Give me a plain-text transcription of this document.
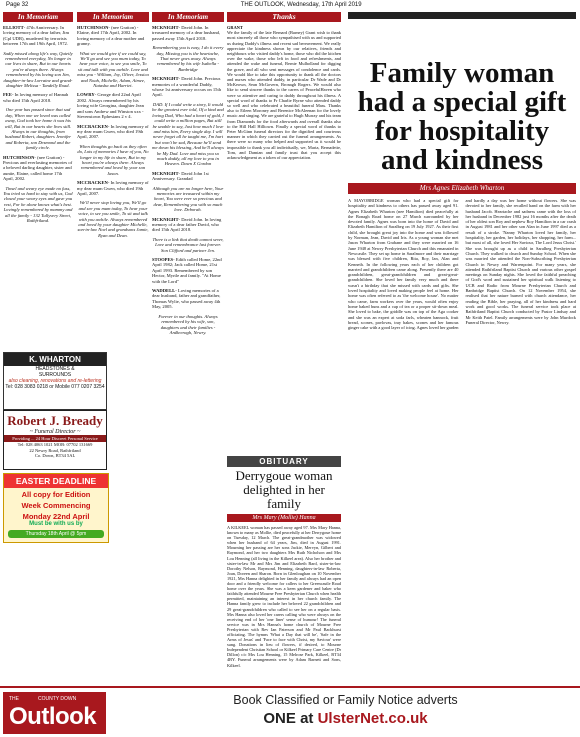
Page 32	THE OUTLOOK, Wednesday, 17th April 2019
In Memoriam
ELLIOTT- 47th Anniversary. In loving memory of a dear father, Jim (Cpl UDR), murdered by terrorists between 17th and 19th April, 1972.

Sadly missed along life's way, Quietly remembered everyday, No longer in our lives to share, But in our hearts you're always there. Always remembered by his loving son Jim, daughter-in-law Lorraine and grand-daughter Melissa - Tandelly Road.

FEE- In loving memory of Hannah who died 15th April 2018.

One year has passed since that sad day, When one we loved was called away, God took her home it was his will, But in our hearts she lives still. Always in our thoughts, from husband Robert, daughters Jennifer and Roberta, son Desmond and the family circle.

HUTCHINSON- (nee Gratton) - Precious and everlasting memories of a beloved darling daughter, sister and auntie, Elaine, called home 17th April, 2002.

Tinsel and weary eye made no fuss, You tried so hard to stay with us, God closed your weary eyes and gave you rest, For he alone knows what's best. Lovingly remembered by mammy and all the family - 132 Tullyvery Street, Rathfriland.

In Memoriam
HUTCHINSON- (nee Gratton) - Elaine, died 17th April, 2002. In loving memory of a dear mother and granny.

What we would give if we could say, We'll go and see you mum today, To hear your voice, to see you smile, To sit and talk with you awhile. Love and miss you - William, Joy, Oliver, Jessica and Noah, Michelle, Adam, Aimee, Natasha and Harriet.

LOWRY- George died 22nd April 2002. Always remembered by his loving wife Georgina, daughter Jean and sons Andrew and Winston xxx - Stevenstown Ephesians 2 v 4.
MCCRACKEN- In loving memory of my dear mum Gwen, who died 19th April, 2007.

When thoughts go back as they often do, Lots of memories I have of you, No longer in my life to share, But in my heart you're always there. Always remembered and loved by your son Jason.

MCCRACKEN- In loving memory of my dear mum Gwen, who died 19th April, 2007.

We'll never stop loving you, We'll go and see you mum today, To hear your voice, to see you smile, To sit and talk with you awhile. Always remembered and loved by your daughter Michelle, son-in-law Noel and grandsons Jamie, Ryan and Dean.

In Memoriam
MCKNIGHT- David John. In treasured memory of a dear husband, passed away 15th April 2018.

Remembering you is easy, I do it every day, Missing you is the heartache, That never goes away. Always remembered by his wife Isabella - Banbridge

MCKNIGHT- David John. Precious memories of a wonderful Daddy, whose 1st anniversary occurs on 15th April.

DAD. If I could write a story, It would be the greatest ever told, Of a kind and loving Dad, Who had a heart of gold, I could write a million pages, But still be unable to say, Just how much I love and miss him, Every single day. I will never forget all he taught me, I'm hurt but won't be sad, Because he'll send me down his blessing, And he'll always be My Dad. Love and miss you so much daddy, all my love to you in Heaven. Dawn X Gordon

MCKNIGHT- David John 1st Anniversary. Grandad

Although you are no longer here, Your memories are treasured within my heart, You were ever so precious and dear, Remembering you with so much love. Deborah.

MCKNIGHT- David John. In loving memory of a dear father David, who died 15th April 2018.

There is a link that death cannot sever, Love and remembrance last forever. Son Clifford and partner Jen.

STOOPES- Edith called Home, 22nd April 1982; Jack called Home, 21st April 1993. Remembered by son Hector, Myrtle and family. "At Home with the Lord"
WADDELL- Loving memories of a dear husband, father and grandfather, Thomas Wylie, who passed away 4th May, 2005.

Forever in our thoughts. Always remembered by his wife, son, daughters and their families - Ardkeeragh, Newry.

K. WHARTON
HEADSTONES &
SURROUNDS
also cleaning, renovations and re-lettering
Tel: 028 3083 0218 or Mobile 077 0207 3254
Robert J. Bready
~ Funeral Director ~
Providing ... 24 Hour Discreet Personal Service
Tel: 028 4063 1021 MOB: 07702 131669
22 Newry Road, Rathfriland
Co. Down, BT34 5AL
EASTER DEADLINE
All copy for Edition
Week Commencing
Monday 22nd April
Must be with us by
Thursday 18th April @ 5pm
Thanks
GRANT
We the family of the late Bernard (Barney) Grant wish to thank most sincerely all those who sympathised with us and supported us during Daddy's illness and recent sad bereavement. We really appreciate the kindness shown by our relatives, friends and neighbours who visited daddy's home, those who did the kitchen over the wake, those who left in food and refreshments, and attended the wake and funeral, Bernie Mulholland for digging the grave, and all who sent messages of condolence and cards. We would like to take this opportunity to thank all the doctors and nurses who attended daddy, in particular Dr Wade and Dr McKeown, Sean McGovern, Bronagh Rogers. We would also like to send sincere thanks to the carers of PeacefulHaven who were so attentive and caring to daddy throughout his illness. A special word of thanks to Fr Charlie Byrne who attended daddy so well and who celebrated a beautiful funeral Mass. Thanks also to Eileen Moroney and Berenice McAleenan for the lovely music and singing. We are grateful to Hugh Murray and his team from Diamonds for the food afterwards and overall thanks also to the Hill Hall Hilltown. Finally a special word of thanks to Peter McGinn funeral directors for the dignified and courteous manner in which they carried out the funeral arrangements. As there were so many who helped and supported us it would be impossible to thank you all individually, we, Maria, Bernadette, Tom, and Damian and family trust that you accept this acknowledgment as a token of our appreciation.
OBITUARY
Derrygoue woman delighted in her family
Mrs Mary (Mollie) Hanna
A KILKEEL woman has passed away aged 97. Mrs Mary Hanna, known to many as Mollie, died peacefully at her Derrygoue home on Tuesday, 12 March. The great-grandmother was widowed when her husband of 64 years, Jim, died in August 1991. Mourning her passing are her sons Jackie, Mervyn, Gilbert and Raymond, and her two daughters Mrs Ruth Nicholson and Mrs Lou Henning (all living in the Kilkeel area). Also her brother and sister-in-law Mr and Mrs Jim and Elizabeth Bard, sister-in-law Dorothy Nelson, Raymond, Henning, daughters-in-law Roberta, Joan, Doreen and Sharon. Born in Glenloughan on 10 November 1921, Mrs Hanna delighted in her family and always had an open door and a friendly welcome for callers to her Greencastle Road home over the years. She was a keen gardener and baker who faithfully attended Mourne Free Presbyterian Church when health permitted, maintaining an interest in her church family. The Hanna family grew to include her beloved 22 grandchildren and 29 great-grandchildren who called to see her on a regular basis. Mrs Hanna also loved her carers calling who were always on the receiving end of her 'one liner' sense of humour! The funeral service was in Mrs Hanna's home church of Mourne Free Presbyterian with Rev Ian Paterson and Mr Paul Backhurst officiating. The hymns 'What a Day that will be', 'Safe in the Arms of Jesus' and 'Face to face with Christ, my Saviour' were sung. Donations in lieu of flowers, if desired, to Mourne Independent Christian School or Kilkeel Primary Care Centre (Dr Dillon) c/o Mrs Lou Henning, 15 Melrose Park, Kilkeel, BT34 4BY. Funeral arrangements were by Adam Barnett and Sons, Kilkeel.
Family woman had a special gift for hospitality and kindness
Mrs Agnes Elizabeth Wharton
A MAYOBRIDGE woman who had a special gift for hospitality and kindness to others has passed away aged 91. Agnes Elizabeth Wharton (nee Hamilton) died peacefully at the Bonagh Road home on 27 March surrounded by her devoted family. Agnes was born into the home of David and Elizabeth Hamilton of Saralbeg on 19 July 1927. As their first child, she brought great joy into the home and was followed by Norman, Jean, David and Iris. As a young woman she met Jason Wharton from Grabane and they were married on 16 June 1948 at Newry Presbyterian Church and this emanated in Newcastle. They set up home in Saralmore and their marriage was blessed with five children, Rita, Roy, Ian, Alan and Kenneth. In the following years each of her children got married and grandchildren came along. Presently there are 40 grandchildren, great-grandchildren and great-great-grandchildren. She loved her family very much and there wasn't a birthday that she missed with cards and gifts. She loved hospitality and loved making people feel at home. Her home was often referred to as 'the welcome house'. No matter who came, farm workers over the years, would often enjoy home baked buns and a cup of tea or a proper sit-down meal. She loved to bake, the griddle was on top of the Aga cooker and she was an expert at soda farls, wheaten bannock, fruit bread, scones, pavlovas, tray bakes, scones and her famous ginger cake with a good layer of icing. Agnes loved her garden and hardly a day was her home without flowers. She was devoted to her family, she recalled hand on the farm with her husband Jacob. Heartache and sadness came with the loss of her husband in December 1982 just 16 months after the death of her oldest son Roy and nephew Roy Hamilton in a car crash in August 1981 and her other son Alan in June 1997 died as a result of a stroke. 'Nanny Wharton loved her family, her hospitality, her garden, her holidays, her shopping, her farm... but most of all, she loved Her Saviour, The Lord Jesus Christ.' She was brought up as a child in Saralbeg Presbyterian Church. They walked to church and Sunday School. When she was married she attended the Non-Subscribing Presbyterian Church in Newry and Warrenpoint. For many years, she attended Rathfriland Baptist Church and various other gospel meetings on Sunday nights. She loved the faithful preaching of God's word and sustained her spiritual walk listening to UCB and Radio from Mourne Presbyterian Church and Banbridge Baptist Church. On 12 November 1954, she realised that her nature burned with church attendance, her reading the Bible, her praying, all of her kindness and hard work and good works. The funeral service took place at Rathfriland Baptist Church conducted by Pastor Lindsay and Mr Keith Patel. Family arrangements were by John Murdock Funeral Director, Newry.
THE	COUNTY DOWN
Outlook
Book Classified or Family Notice adverts
ONE at UlsterNet.co.uk
